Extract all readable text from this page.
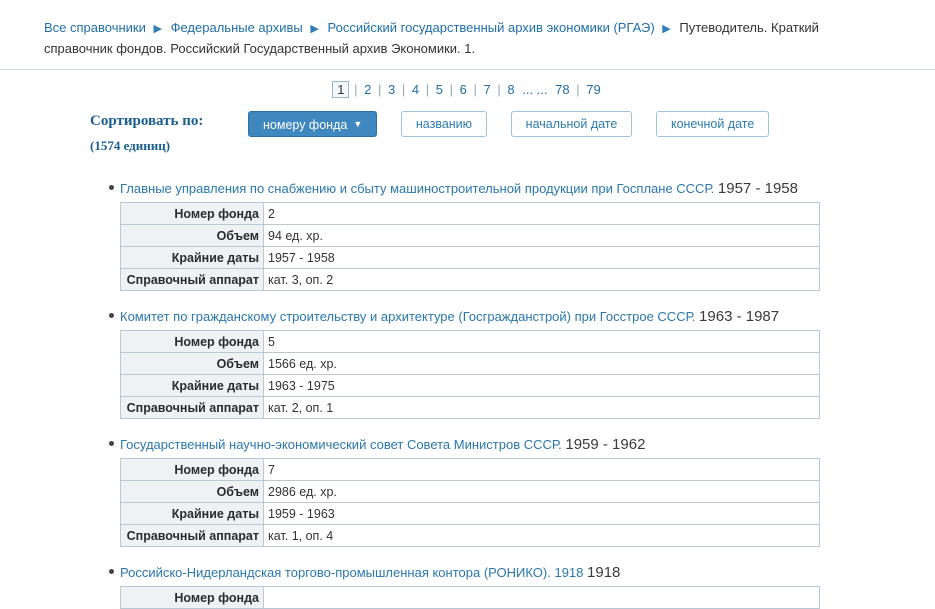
Все справочники ▶ Федеральные архивы ▶ Российский государственный архив экономики (РГАЭ) ▶ Путеводитель. Краткий справочник фондов. Российский Государственный архив Экономики. 1.
1 | 2 | 3 | 4 | 5 | 6 | 7 | 8 ... ... 78 | 79
Сортировать по:
(1574 единиц)
номеру фонда ▼	названию	начальной дате	конечной дате
Главные управления по снабжению и сбыту машиностроительной продукции при Госплане СССР. 1957 - 1958
Номер фонда	2
Объем	94 ед. хр.
Крайние даты	1957 - 1958
Справочный аппарат	кат. 3, оп. 2
Комитет по гражданскому строительству и архитектуре (Госгражданстрой) при Госстрое СССР. 1963 - 1987
Номер фонда	5
Объем	1566 ед. хр.
Крайние даты	1963 - 1975
Справочный аппарат	кат. 2, оп. 1
Государственный научно-экономический совет Совета Министров СССР. 1959 - 1962
Номер фонда	7
Объем	2986 ед. хр.
Крайние даты	1959 - 1963
Справочный аппарат	кат. 1, оп. 4
Российско-Нидерландская торгово-промышленная контора (РОНИКО). 1918 1918
Номер фонда	
